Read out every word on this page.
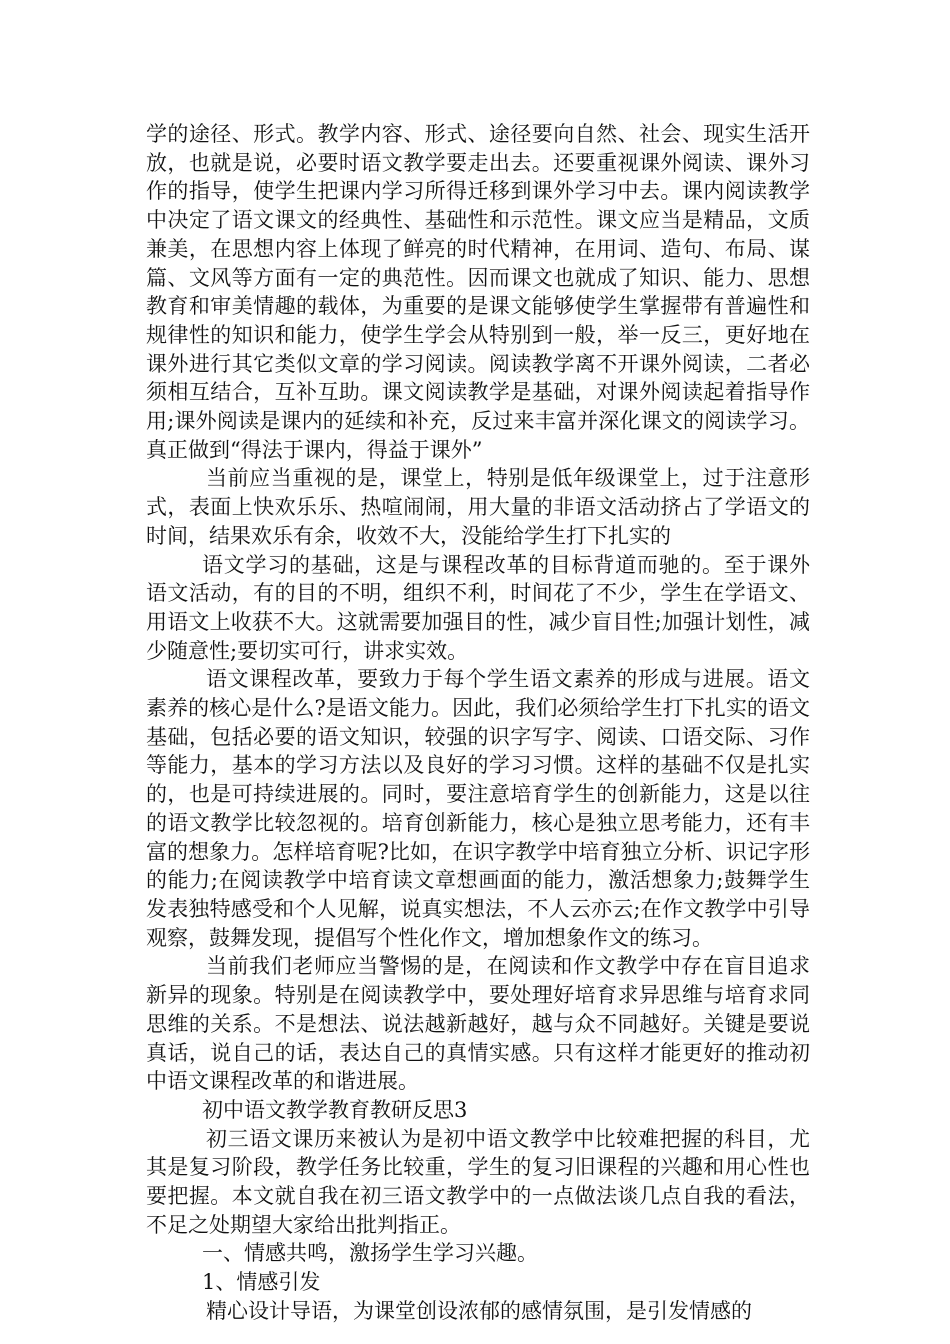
学的途径、形式。教学内容、形式、途径要向自然、社会、现实生活开放，也就是说，必要时语文教学要走出去。还要重视课外阅读、课外习作的指导，使学生把课内学习所得迁移到课外学习中去。课内阅读教学中决定了语文课文的经典性、基础性和示范性。课文应当是精品，文质兼美，在思想内容上体现了鲜亮的时代精神，在用词、造句、布局、谋篇、文风等方面有一定的典范性。因而课文也就成了知识、能力、思想教育和审美情趣的载体，为重要的是课文能够使学生掌握带有普遍性和规律性的知识和能力，使学生学会从特别到一般，举一反三，更好地在课外进行其它类似文章的学习阅读。阅读教学离不开课外阅读，二者必须相互结合，互补互助。课文阅读教学是基础，对课外阅读起着指导作用;课外阅读是课内的延续和补充，反过来丰富并深化课文的阅读学习。真正做到“得法于课内，得益于课外”

当前应当重视的是，课堂上，特别是低年级课堂上，过于注意形式，表面上快欢乐乐、热喧闹闹，用大量的非语文活动挤占了学语文的时间，结果欢乐有余，收效不大，没能给学生打下扎实的

语文学习的基础，这是与课程改革的目标背道而驰的。至于课外语文活动，有的目的不明，组织不利，时间花了不少，学生在学语文、用语文上收获不大。这就需要加强目的性，减少盲目性;加强计划性，减少随意性;要切实可行，讲求实效。

语文课程改革，要致力于每个学生语文素养的形成与进展。语文素养的核心是什么?是语文能力。因此，我们必须给学生打下扎实的语文基础，包括必要的语文知识，较强的识字写字、阅读、口语交际、习作等能力，基本的学习方法以及良好的学习习惯。这样的基础不仅是扎实的，也是可持续进展的。同时，要注意培育学生的创新能力，这是以往的语文教学比较忽视的。培育创新能力，核心是独立思考能力，还有丰富的想象力。怎样培育呢?比如，在识字教学中培育独立分析、识记字形的能力;在阅读教学中培育读文章想画面的能力，激活想象力;鼓舞学生发表独特感受和个人见解，说真实想法，不人云亦云;在作文教学中引导观察，鼓舞发现，提倡写个性化作文，增加想象作文的练习。

当前我们老师应当警惕的是，在阅读和作文教学中存在盲目追求新异的现象。特别是在阅读教学中，要处理好培育求异思维与培育求同思维的关系。不是想法、说法越新越好，越与众不同越好。关键是要说真话，说自己的话，表达自己的真情实感。只有这样才能更好的推动初中语文课程改革的和谐进展。

初中语文教学教育教研反思3

初三语文课历来被认为是初中语文教学中比较难把握的科目，尤其是复习阶段，教学任务比较重，学生的复习旧课程的兴趣和用心性也要把握。本文就自我在初三语文教学中的一点做法谈几点自我的看法，不足之处期望大家给出批判指正。

一、情感共鸣，激扬学生学习兴趣。

1、情感引发

精心设计导语，为课堂创设浓郁的感情氛围，是引发情感的
